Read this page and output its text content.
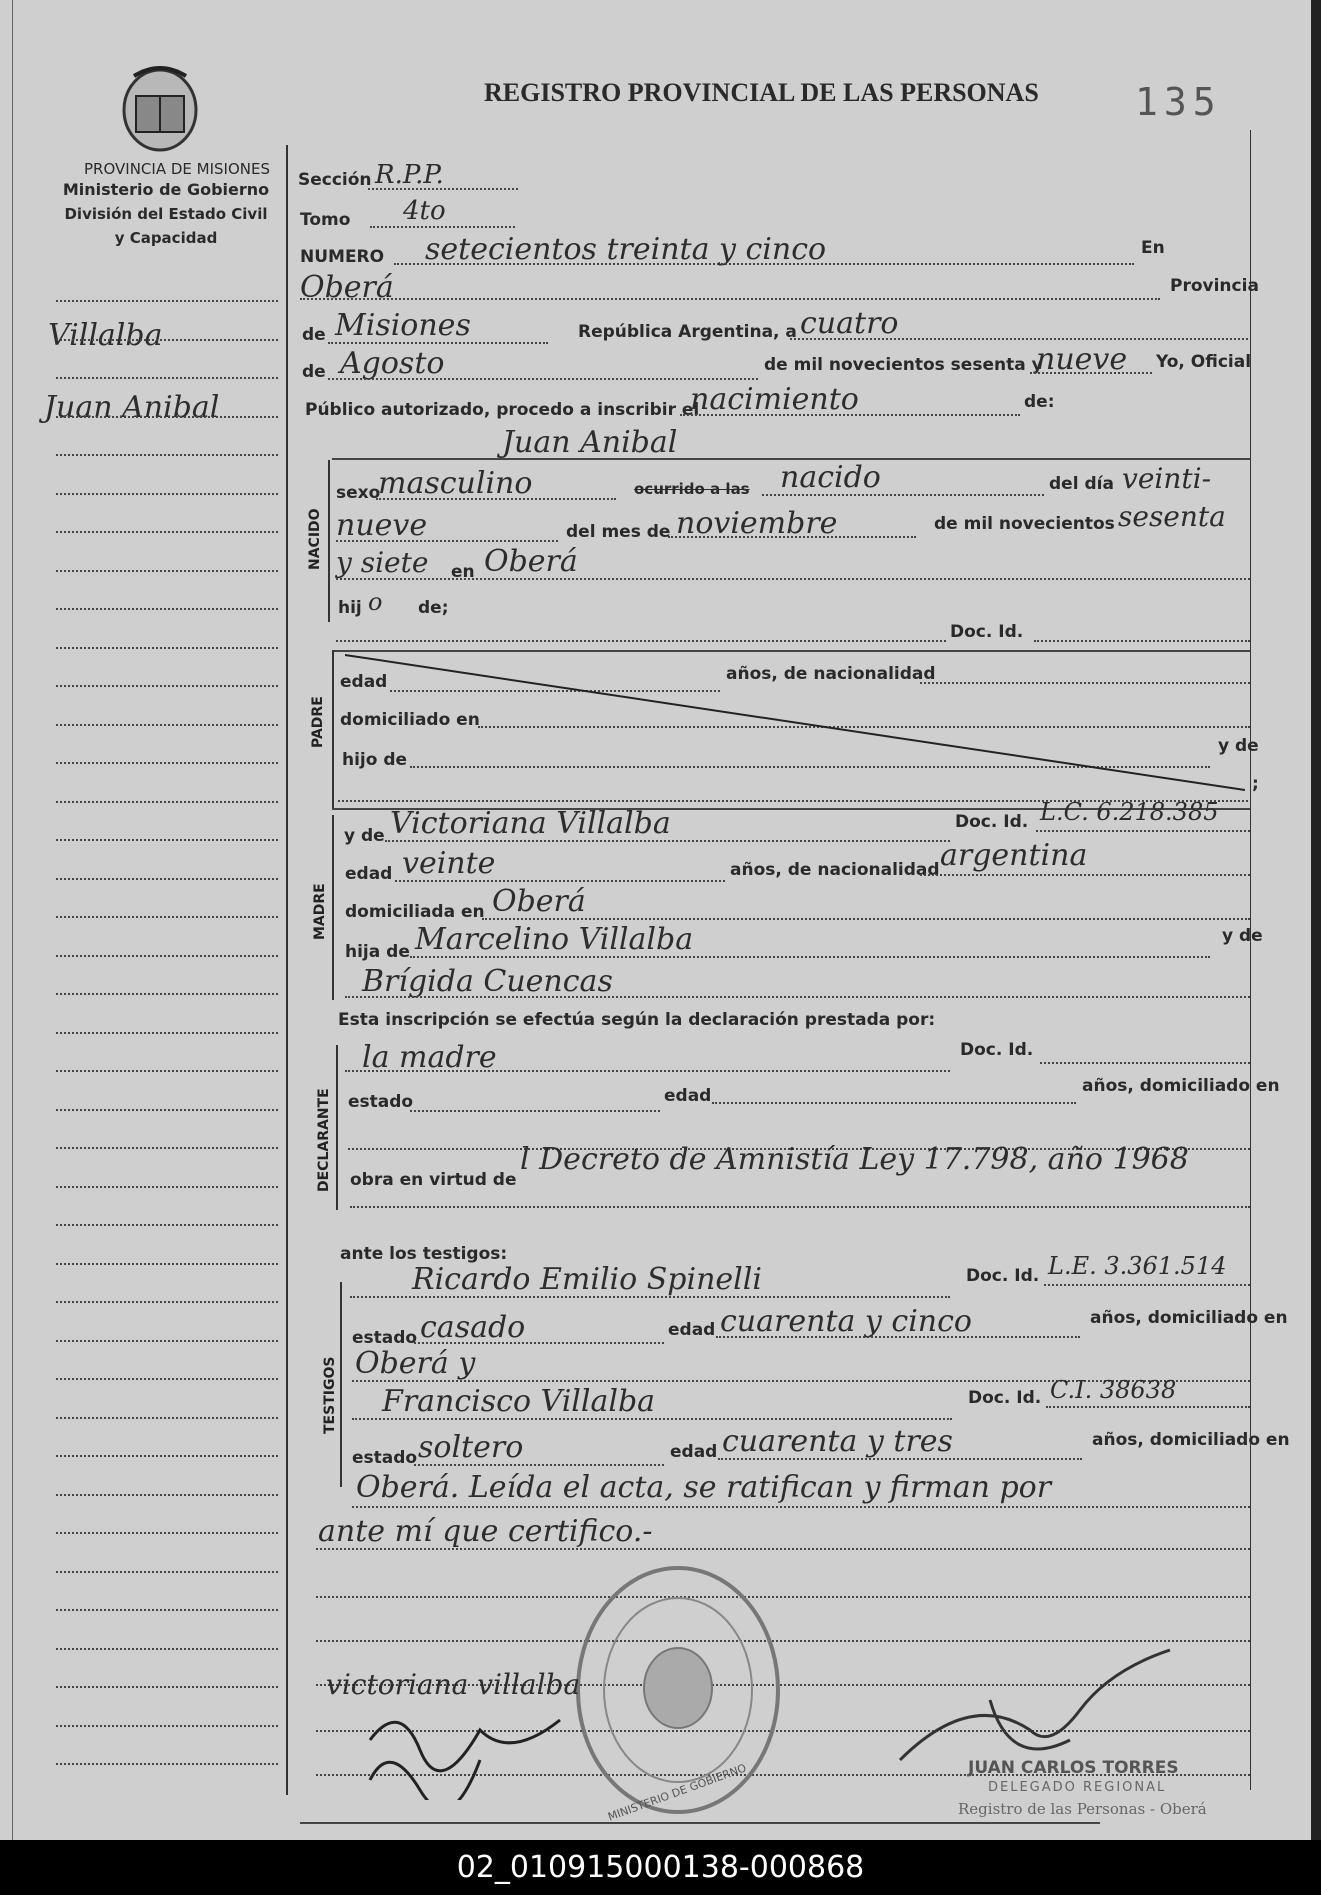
PROVINCIA DE MISIONES
Ministerio de Gobierno
División del Estado Civil
y Capacidad
REGISTRO PROVINCIAL DE LAS PERSONAS	135
Villalba
Juan Anibal
Sección R.P.P.
Tomo 4to
NUMERO setecientos treinta y cinco	En
Oberá	Provincia
de Misiones	República Argentina, a cuatro
de Agosto	de mil novecientos sesenta y
nueve Yo, Oficial
Público autorizado, procedo a inscribir el
nacimiento	de:
NACIDO
Juan Anibal
sexo
masculino	ocurrido a las nacido	del día veinti-
nueve	del mes de noviembre	de mil novecientos sesenta
y siete en Oberá
hij o de;
Doc. Id.
PADRE
edad	años, de nacionalidad
domiciliado en
hijo de
y de
;
MADRE
y de Victoriana Villalba	Doc. Id. L.C. 6.218.385
edad veinte	años, de nacionalidad argentina
domiciliada en Oberá
hija de Marcelino Villalba	y de
Brígida Cuencas
Esta inscripción se efectúa según la declaración prestada por:
DECLARANTE
la madre	Doc. Id.
estado	edad	años, domiciliado en
obra en virtud de
l Decreto de Amnistía Ley 17.798, año 1968
ante los testigos:
TESTIGOS
Ricardo Emilio Spinelli	Doc. Id. L.E. 3.361.514
estado casado	edad cuarenta y cinco	años, domiciliado en
Oberá y
Francisco Villalba	Doc. Id. C.I. 38638
estado soltero	edad cuarenta y tres	años, domiciliado en
Oberá. Leída el acta, se ratifican y firman por
ante mí que certifico.-
MINISTERIO DE GOBIERNO
victoriana villalba
JUAN CARLOS TORRES
DELEGADO REGIONAL
Registro de las Personas - Oberá
02_010915000138-000868
